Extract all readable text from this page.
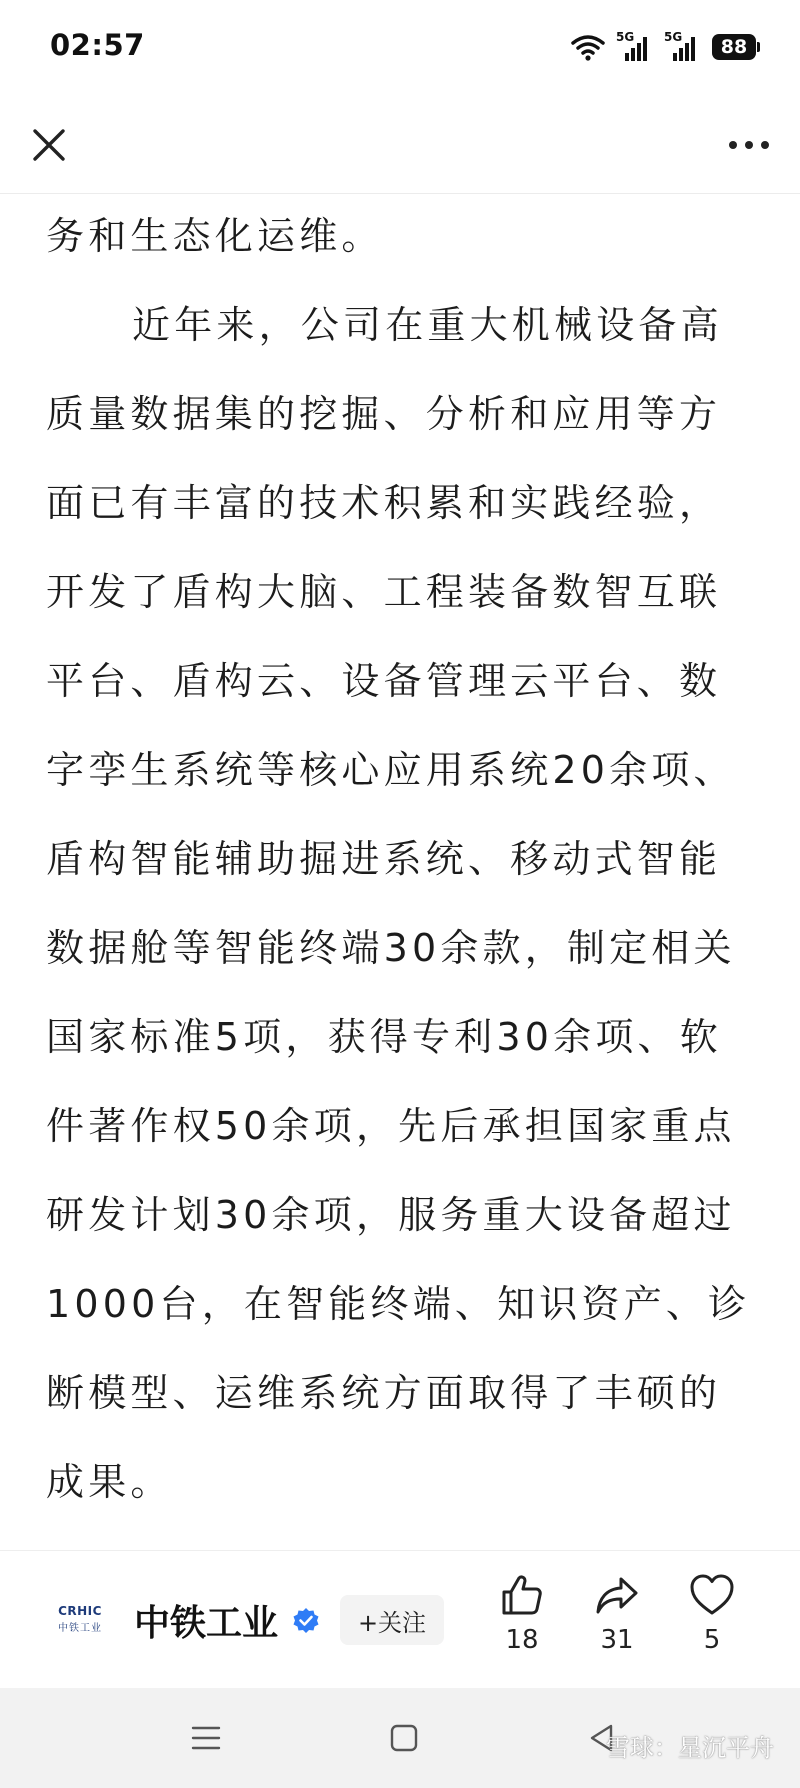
02:57	5G 5G 88

务和生态化运维。

近年来，公司在重大机械设备高质量数据集的挖掘、分析和应用等方面已有丰富的技术积累和实践经验，开发了盾构大脑、工程装备数智互联平台、盾构云、设备管理云平台、数字孪生系统等核心应用系统20余项、盾构智能辅助掘进系统、移动式智能数据舱等智能终端30余款，制定相关国家标准5项，获得专利30余项、软件著作权50余项，先后承担国家重点研发计划30余项，服务重大设备超过1000台，在智能终端、知识资产、诊断模型、运维系统方面取得了丰硕的成果。

CRHIC
中铁工业 中铁工业	+关注
18 31	5
雪球：星沉平舟
